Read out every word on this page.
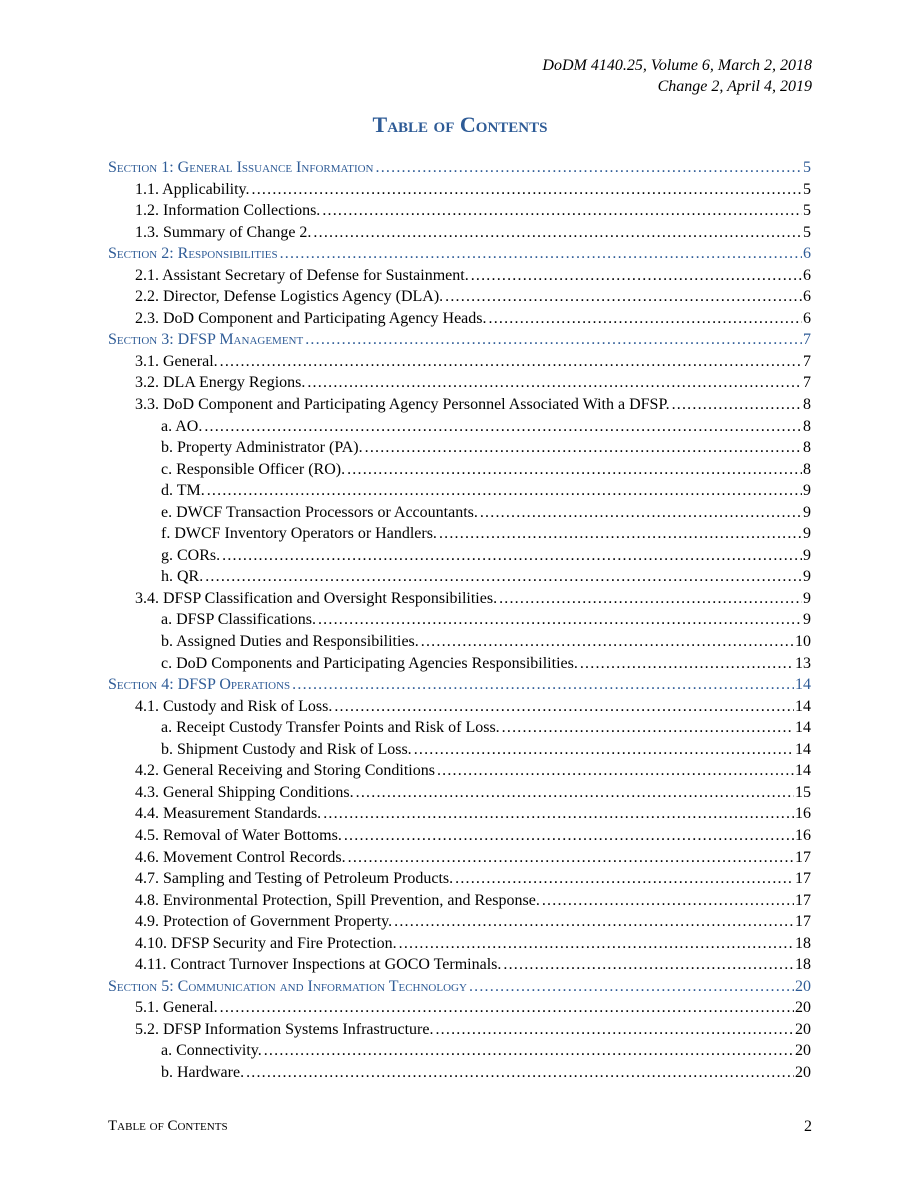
DoDM 4140.25, Volume 6, March 2, 2018
Change 2, April 4, 2019
Table of Contents
Section 1: General Issuance Information . . .	5
1.1. Applicability. . . .	5
1.2. Information Collections. . . .	5
1.3. Summary of Change 2. . . .	5
Section 2: Responsibilities . . .	6
2.1. Assistant Secretary of Defense for Sustainment. . . .	6
2.2. Director, Defense Logistics Agency (DLA). . . .	6
2.3. DoD Component and Participating Agency Heads. . . .	6
Section 3: DFSP Management . . .	7
3.1. General. . . .	7
3.2. DLA Energy Regions. . . .	7
3.3. DoD Component and Participating Agency Personnel Associated With a DFSP. . . .	8
a. AO. . . .	8
b. Property Administrator (PA). . . .	8
c. Responsible Officer (RO). . . .	8
d. TM. . . .	9
e. DWCF Transaction Processors or Accountants. . . .	9
f. DWCF Inventory Operators or Handlers. . . .	9
g. CORs. . . .	9
h. QR. . . .	9
3.4. DFSP Classification and Oversight Responsibilities. . . .	9
a. DFSP Classifications. . . .	9
b. Assigned Duties and Responsibilities. . . .	10
c. DoD Components and Participating Agencies Responsibilities. . . .	13
Section 4: DFSP Operations . . .	14
4.1. Custody and Risk of Loss. . . .	14
a. Receipt Custody Transfer Points and Risk of Loss. . . .	14
b. Shipment Custody and Risk of Loss. . . .	14
4.2. General Receiving and Storing Conditions . . .	14
4.3. General Shipping Conditions. . . .	15
4.4. Measurement Standards. . . .	16
4.5. Removal of Water Bottoms. . . .	16
4.6. Movement Control Records. . . .	17
4.7. Sampling and Testing of Petroleum Products. . . .	17
4.8. Environmental Protection, Spill Prevention, and Response. . . .	17
4.9. Protection of Government Property. . . .	17
4.10. DFSP Security and Fire Protection. . . .	18
4.11. Contract Turnover Inspections at GOCO Terminals. . . .	18
Section 5: Communication and Information Technology . . .	20
5.1. General. . . .	20
5.2. DFSP Information Systems Infrastructure. . . .	20
a. Connectivity. . . .	20
b. Hardware. . . .	20
Table of Contents	2
